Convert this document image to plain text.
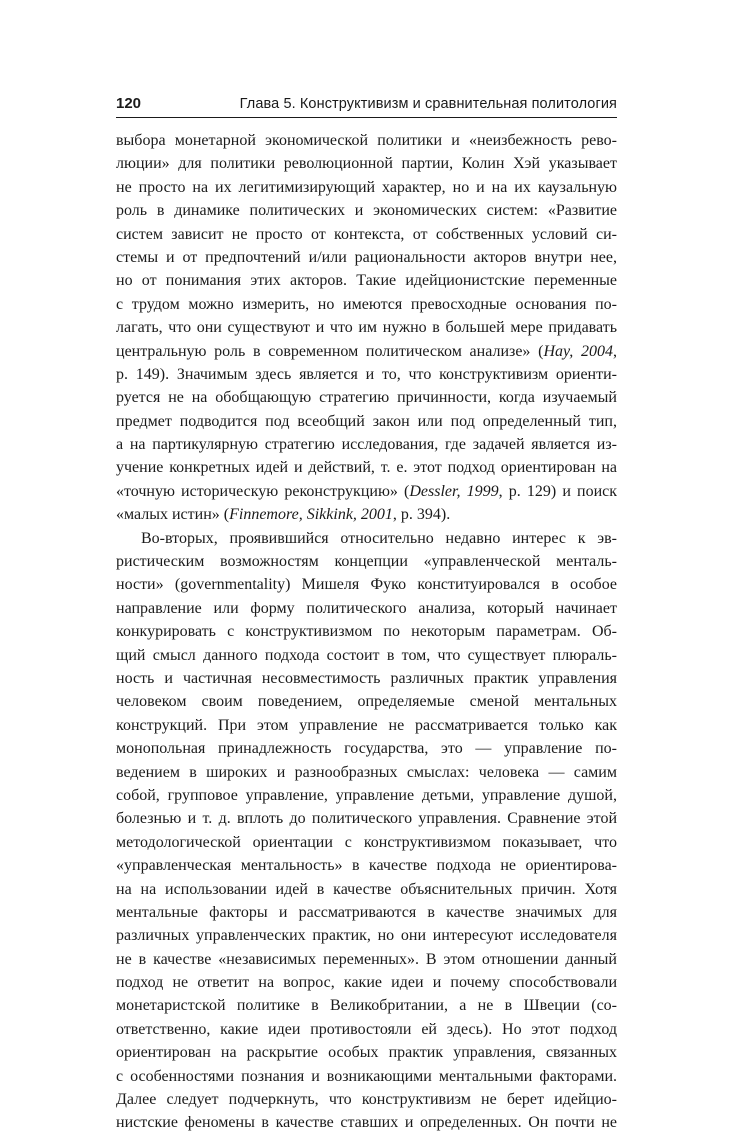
120	Глава 5. Конструктивизм и сравнительная политология
выбора монетарной экономической политики и «неизбежность рево-
люции» для политики революционной партии, Колин Хэй указывает
не просто на их легитимизирующий характер, но и на их каузальную
роль в динамике политических и экономических систем: «Развитие
систем зависит не просто от контекста, от собственных условий си-
стемы и от предпочтений и/или рациональности акторов внутри нее,
но от понимания этих акторов. Такие идейционистские переменные
с трудом можно измерить, но имеются превосходные основания по-
лагать, что они существуют и что им нужно в большей мере придавать
центральную роль в современном политическом анализе» (Hay, 2004,
p. 149). Значимым здесь является и то, что конструктивизм ориенти-
руется не на обобщающую стратегию причинности, когда изучаемый
предмет подводится под всеобщий закон или под определенный тип,
а на партикулярную стратегию исследования, где задачей является из-
учение конкретных идей и действий, т. е. этот подход ориентирован на
«точную историческую реконструкцию» (Dessler, 1999, p. 129) и поиск
«малых истин» (Finnemore, Sikkink, 2001, p. 394).
Во-вторых, проявившийся относительно недавно интерес к эв-
ристическим возможностям концепции «управленческой менталь-
ности» (governmentality) Мишеля Фуко конституировался в особое
направление или форму политического анализа, который начинает
конкурировать с конструктивизмом по некоторым параметрам. Об-
щий смысл данного подхода состоит в том, что существует плюраль-
ность и частичная несовместимость различных практик управления
человеком своим поведением, определяемые сменой ментальных
конструкций. При этом управление не рассматривается только как
монопольная принадлежность государства, это — управление по-
ведением в широких и разнообразных смыслах: человека — самим
собой, групповое управление, управление детьми, управление душой,
болезнью и т. д. вплоть до политического управления. Сравнение этой
методологической ориентации с конструктивизмом показывает, что
«управленческая ментальность» в качестве подхода не ориентирова-
на на использовании идей в качестве объяснительных причин. Хотя
ментальные факторы и рассматриваются в качестве значимых для
различных управленческих практик, но они интересуют исследователя
не в качестве «независимых переменных». В этом отношении данный
подход не ответит на вопрос, какие идеи и почему способствовали
монетаристской политике в Великобритании, а не в Швеции (со-
ответственно, какие идеи противостояли ей здесь). Но этот подход
ориентирован на раскрытие особых практик управления, связанных
с особенностями познания и возникающими ментальными факторами.
Далее следует подчеркнуть, что конструктивизм не берет идейцио-
нистские феномены в качестве ставших и определенных. Он почти не
